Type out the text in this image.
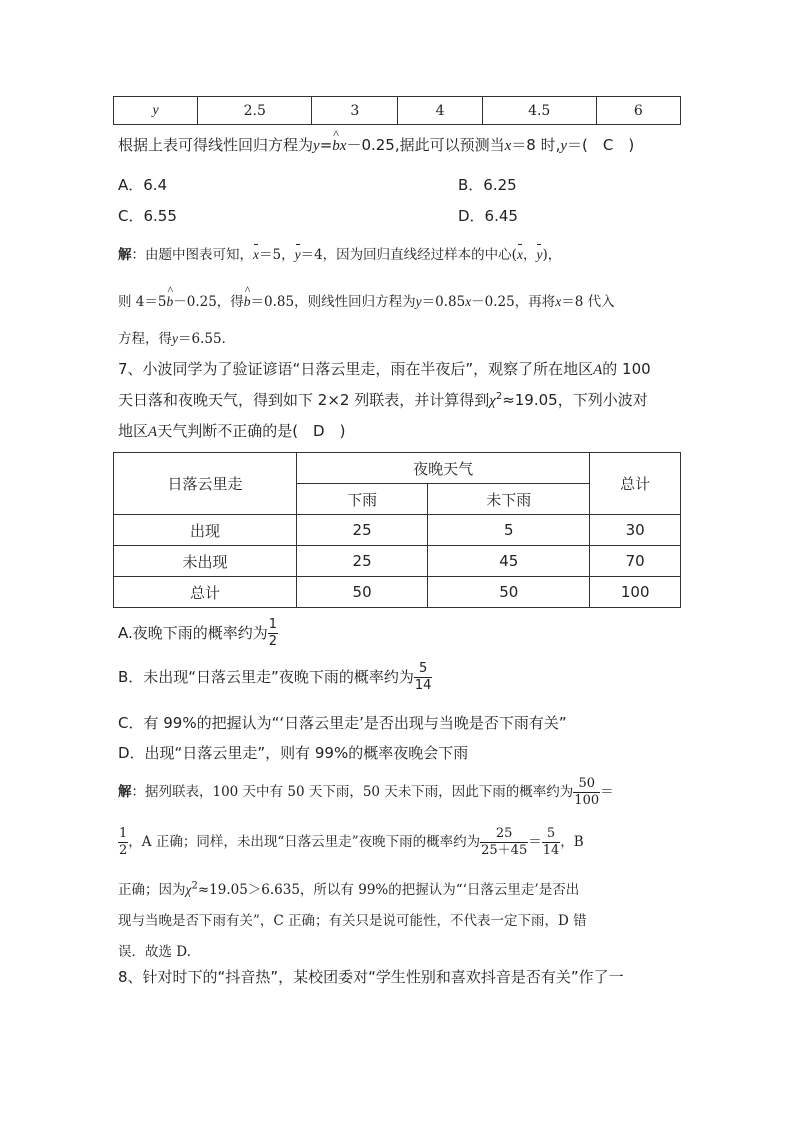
y	2.5	3	4	4.5	6
根据上表可得线性回归方程为y=^ bx－0.25,据此可以预测当x＝8 时,y＝(　C　)
A．6.4	B．6.25
C．6.55	D．6.45
解：由题中图表可知，x＝5，y＝4，因为回归直线经过样本的中心(x，y)，
则 4＝5^ b－0.25，得^ b＝0.85，则线性回归方程为y＝0.85x－0.25，再将x＝8 代入
方程，得y＝6.55.
7、小波同学为了验证谚语“日落云里走，雨在半夜后”，观察了所在地区A的 100
天日落和夜晚天气，得到如下 2×2 列联表，并计算得到$\chi^2\approx 19.05$，下列小波对
地区A天气判断不正确的是(　D　)
日落云里走	夜晚天气		总计
	下雨	未下雨	
出现	25	5	30
未出现	25	45	70
总计	50	50	100
A.夜晚下雨的概率约为 $\frac{1}{2}$
B．未出现“日落云里走”夜晚下雨的概率约为 $\frac{5}{14}$
C．有 99%的把握认为“‘日落云里走’是否出现与当晚是否下雨有关”
D．出现“日落云里走”，则有 99%的概率夜晚会下雨
解：据列联表，100 天中有 50 天下雨，50 天未下雨，因此下雨的概率约为 $\frac{50}{100}$ ＝
$\frac{1}{2}$ ，A 正确；同样，未出现“日落云里走”夜晚下雨的概率约为 $\frac{25}{25+45} = \frac{5}{14}$ ，B
正确；因为$\chi^2\approx 19.05>6.635$，所以有 99%的把握认为“‘日落云里走’是否出
现与当晚是否下雨有关”，C 正确；有关只是说可能性，不代表一定下雨，D 错
误．故选 D.
8、针对时下的“抖音热”，某校团委对“学生性别和喜欢抖音是否有关”作了一
